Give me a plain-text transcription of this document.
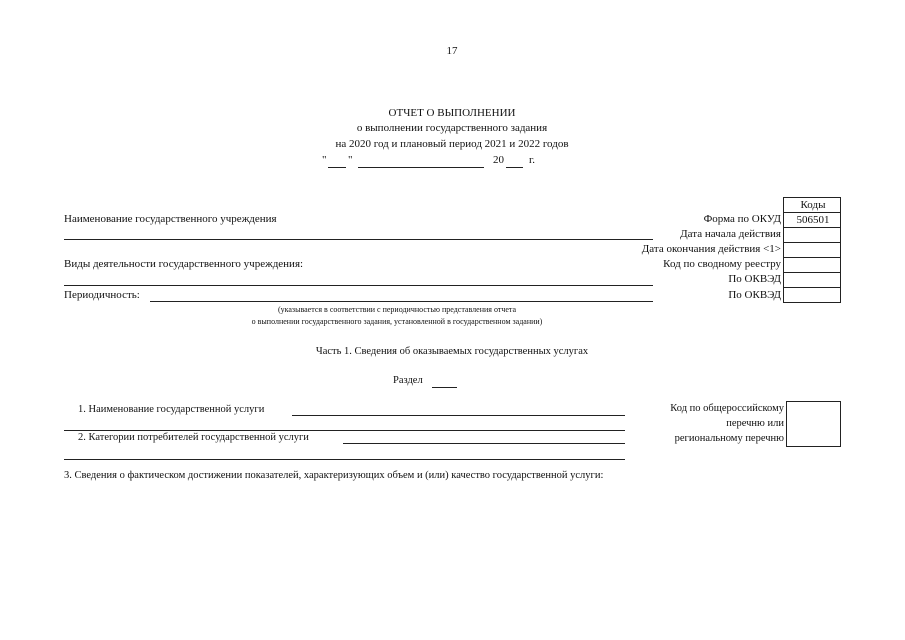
17
ОТЧЕТ О ВЫПОЛНЕНИИ
о выполнении государственного задания
на 2020 год и плановый период 2021 и 2022 годов
" "	20 г.
Коды
506501
Форма по ОКУД
Дата начала действия
Дата окончания действия <1>
Код по сводному реестру
По ОКВЭД
По ОКВЭД
Наименование государственного учреждения
Виды деятельности государственного учреждения:
Периодичность:
(указывается в соответствии с периодичностью представления отчета
о выполнении государственного задания, установленной в государственном задании)
Часть 1. Сведения об оказываемых государственных услугах
Раздел
1. Наименование государственной услуги
2. Категории потребителей государственной услуги
Код по общероссийскому
перечню или
региональному перечню
3. Сведения о фактическом достижении показателей, характеризующих объем и (или) качество государственной услуги:
